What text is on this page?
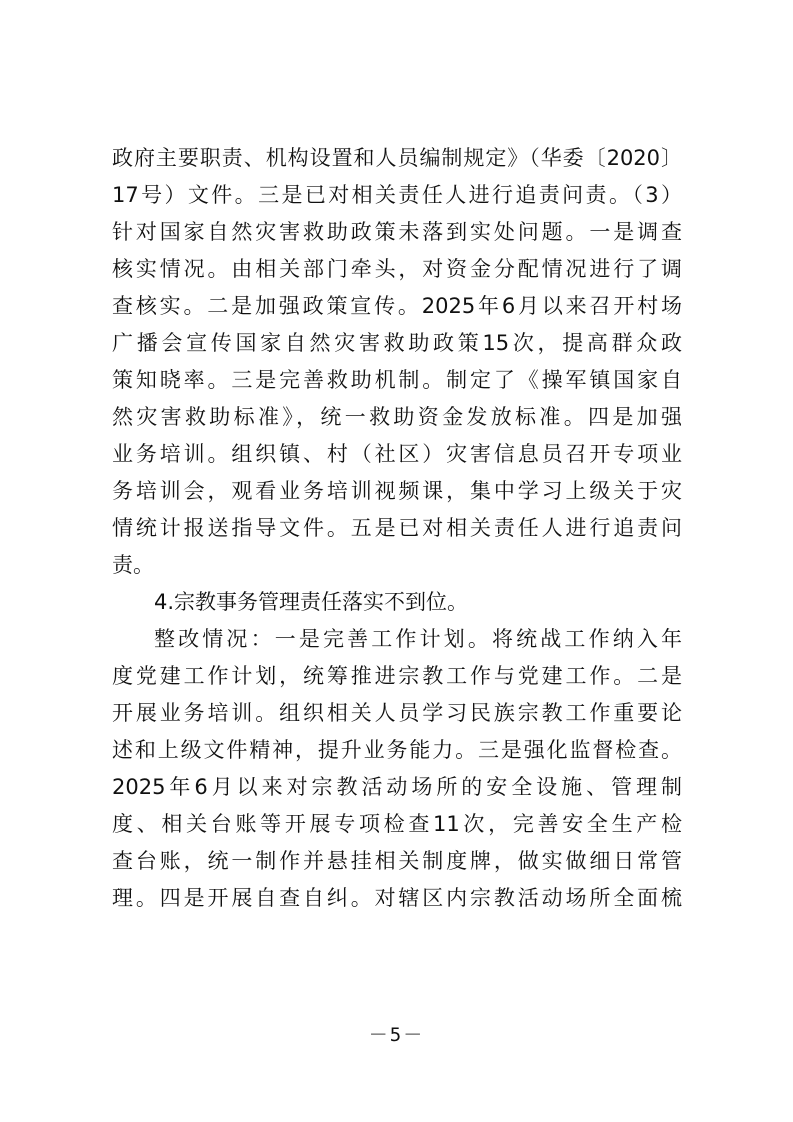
政府主要职责、机构设置和人员编制规定》（华委〔2020〕
17号）文件。三是已对相关责任人进行追责问责。（3）
针对国家自然灾害救助政策未落到实处问题。一是调查
核实情况。由相关部门牵头，对资金分配情况进行了调
查核实。二是加强政策宣传。2025年6月以来召开村场
广播会宣传国家自然灾害救助政策15次，提高群众政
策知晓率。三是完善救助机制。制定了《操军镇国家自
然灾害救助标准》，统一救助资金发放标准。四是加强
业务培训。组织镇、村（社区）灾害信息员召开专项业
务培训会，观看业务培训视频课，集中学习上级关于灾
情统计报送指导文件。五是已对相关责任人进行追责问
责。
4.宗教事务管理责任落实不到位。
整改情况：一是完善工作计划。将统战工作纳入年
度党建工作计划，统筹推进宗教工作与党建工作。二是
开展业务培训。组织相关人员学习民族宗教工作重要论
述和上级文件精神，提升业务能力。三是强化监督检查。
2025年6月以来对宗教活动场所的安全设施、管理制
度、相关台账等开展专项检查11次，完善安全生产检
查台账，统一制作并悬挂相关制度牌，做实做细日常管
理。四是开展自查自纠。对辖区内宗教活动场所全面梳
－5－
